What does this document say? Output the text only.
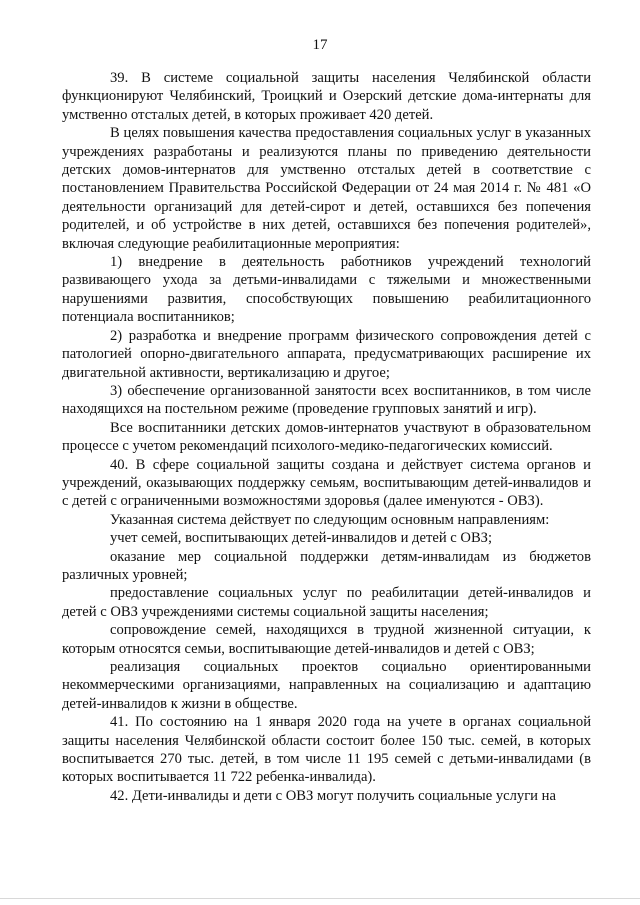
17

39. В системе социальной защиты населения Челябинской области функционируют Челябинский, Троицкий и Озерский детские дома-интернаты для умственно отсталых детей, в которых проживает 420 детей.

В целях повышения качества предоставления социальных услуг в указанных учреждениях разработаны и реализуются планы по приведению деятельности детских домов-интернатов для умственно отсталых детей в соответствие с постановлением Правительства Российской Федерации от 24 мая 2014 г. № 481 «О деятельности организаций для детей-сирот и детей, оставшихся без попечения родителей, и об устройстве в них детей, оставшихся без попечения родителей», включая следующие реабилитационные мероприятия:

1) внедрение в деятельность работников учреждений технологий развивающего ухода за детьми-инвалидами с тяжелыми и множественными нарушениями развития, способствующих повышению реабилитационного потенциала воспитанников;

2) разработка и внедрение программ физического сопровождения детей с патологией опорно-двигательного аппарата, предусматривающих расширение их двигательной активности, вертикализацию и другое;

3) обеспечение организованной занятости всех воспитанников, в том числе находящихся на постельном режиме (проведение групповых занятий и игр).

Все воспитанники детских домов-интернатов участвуют в образовательном процессе с учетом рекомендаций психолого-медико-педагогических комиссий.

40. В сфере социальной защиты создана и действует система органов и учреждений, оказывающих поддержку семьям, воспитывающим детей-инвалидов и с детей с ограниченными возможностями здоровья (далее именуются - ОВЗ).

Указанная система действует по следующим основным направлениям:

учет семей, воспитывающих детей-инвалидов и детей с ОВЗ;

оказание мер социальной поддержки детям-инвалидам из бюджетов различных уровней;

предоставление социальных услуг по реабилитации детей-инвалидов и детей с ОВЗ учреждениями системы социальной защиты населения;

сопровождение семей, находящихся в трудной жизненной ситуации, к которым относятся семьи, воспитывающие детей-инвалидов и детей с ОВЗ;

реализация социальных проектов социально ориентированными некоммерческими организациями, направленных на социализацию и адаптацию детей-инвалидов к жизни в обществе.

41. По состоянию на 1 января 2020 года на учете в органах социальной защиты населения Челябинской области состоит более 150 тыс. семей, в которых воспитывается 270 тыс. детей, в том числе 11 195 семей с детьми-инвалидами (в которых воспитывается 11 722 ребенка-инвалида).

42. Дети-инвалиды и дети с ОВЗ могут получить социальные услуги на
